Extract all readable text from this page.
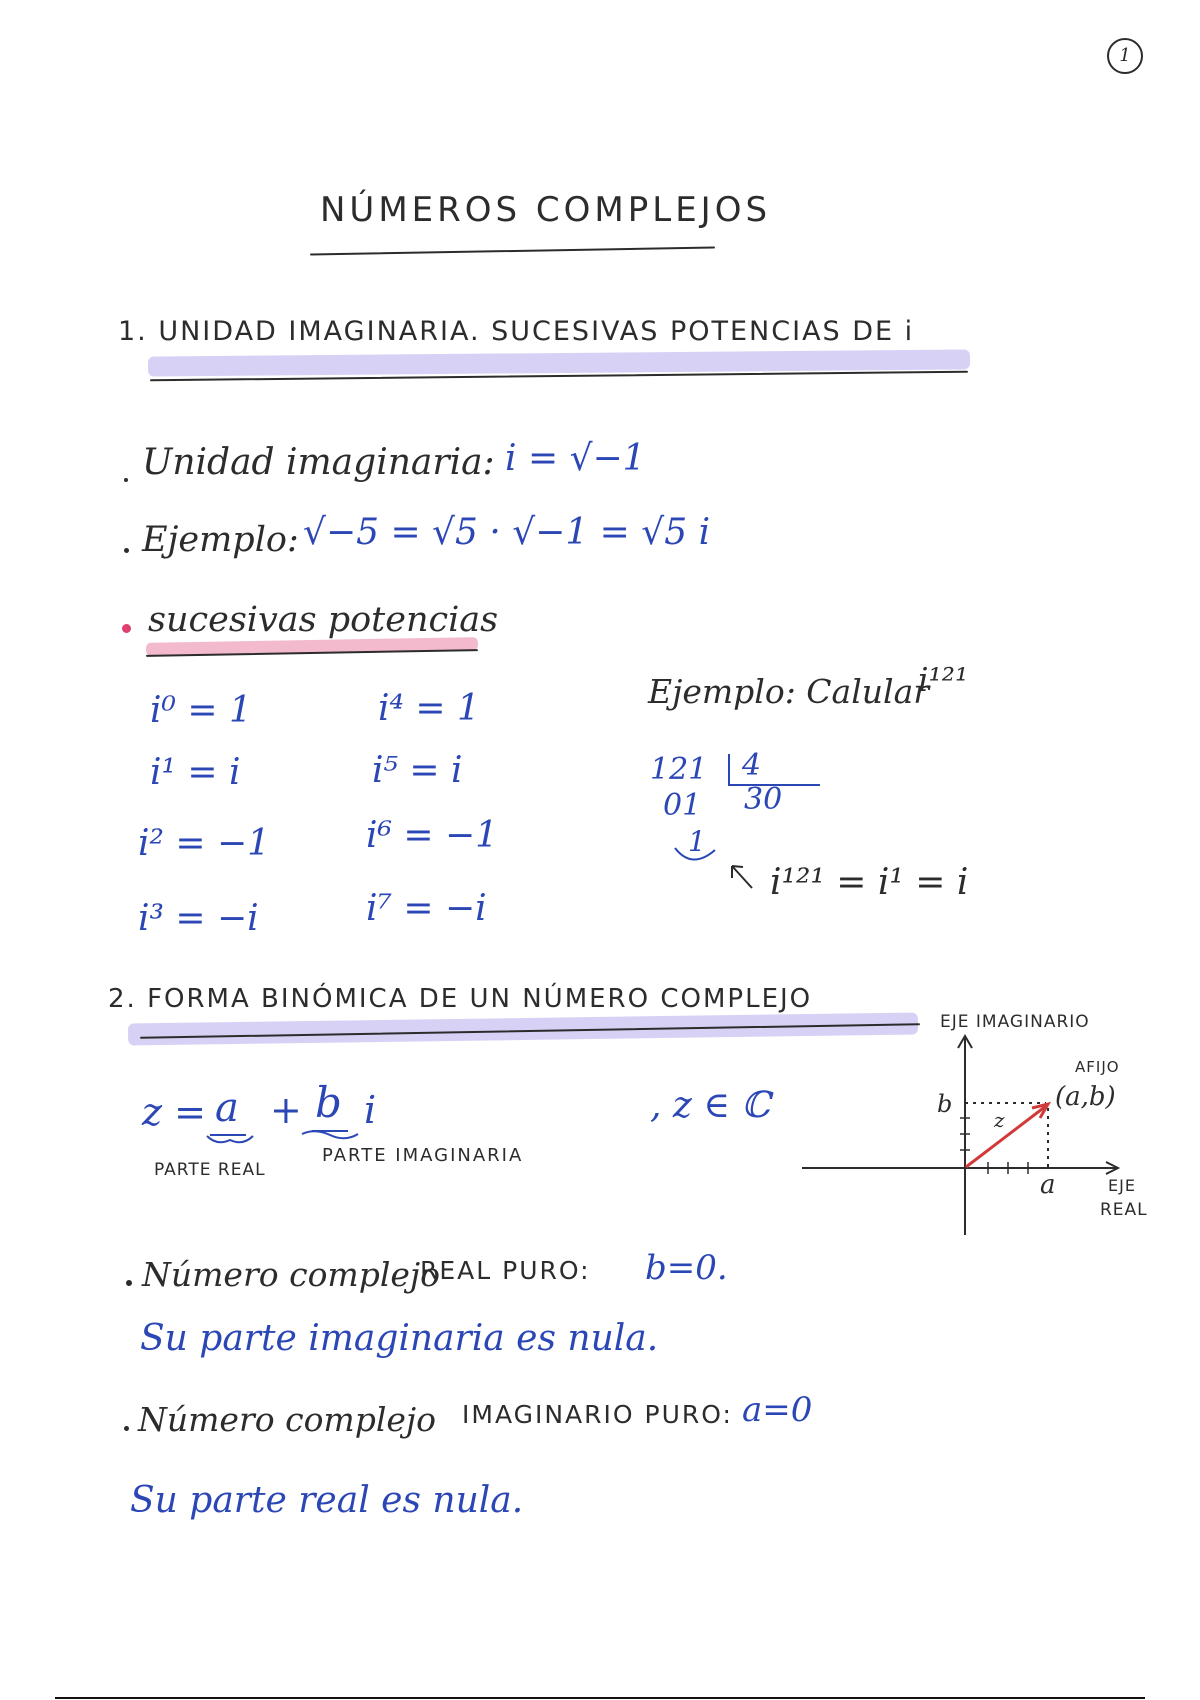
1
NÚMEROS COMPLEJOS
1. UNIDAD IMAGINARIA. SUCESIVAS POTENCIAS DE i
Unidad imaginaria: i = √−1
Ejemplo: √−5 = √5 · √−1 = √5 i
sucesivas potencias
i⁰ = 1
i¹ = i
i² = −1
i³ = −i
i⁴ = 1
i⁵ = i
i⁶ = −1
i⁷ = −i
Ejemplo: Calular
i¹²¹
121 4
30
01
1
i¹²¹ = i¹ = i
2. FORMA BINÓMICA DE UN NÚMERO COMPLEJO
z = a + b i	, z ∈ ℂ
PARTE REAL
PARTE IMAGINARIA
EJE IMAGINARIO
AFIJO
(a,b)
b
z
a	EJE
REAL
Número complejo
REAL PURO: b=0.
Su parte imaginaria es nula.
Número complejo IMAGINARIO PURO: a=0
Su parte real es nula.
